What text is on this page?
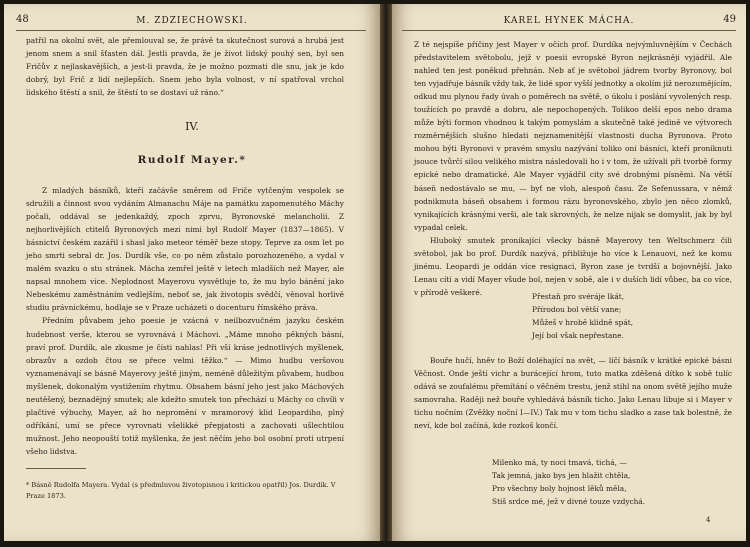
48	M. ZDZIECHOWSKI.

patřil na okolní svět, ale přemlouval se, že právě ta skutečnost surová a hrubá jest jenom snem a snil šťasten dál. Jestli pravda, že je život lidský pouhý sen, byl sen Fričův z nejlaskavějších, a jest-li pravda, že je možno pozmati dle snu, jak je kdo dobrý, byl Frič z lidí nejlepších. Snem jeho byla volnost, v ní spatřoval vrchol lidského štěstí a snil, že štěstí to se dostaví už ráno.“

IV.
Rudolf Mayer.*

Z mladých básníků, kteří začávše směrem od Friče vytčeným vespolek se sdružili a činnost svou vydáním Almanachu Máje na památku zapomenutého Máchy počali, oddával se jedenkaždý, zpoch zprvu, Byronovské melancholii. Z nejhorlivějších ctitelů Byronových mezi nimi byl Rudolf Mayer (1837—1865). V básnictví českém zazářil i shasl jako meteor téměř beze stopy. Teprve za osm let po jeho smrti sebral dr. Jos. Durdík vše, co po něm zůstalo porozhozeného, a vydal v malém svazku o stu stránek. Mácha zemřel ještě v letech mladších než Mayer, ale napsal mnohem více. Neplodnost Mayerovu vysvětluje to, že mu bylo bánění jako Nebeskému zaměstnáním vedlejším, neboť se, jak životopis svědčí, věnoval horlivě studiu právnickému, hodlaje se v Praze ucházeti o docenturu římského práva.

Předním půvabem jeho poesie je vzácná v neilbozvučném jazyku českém hudebnost verše, kterou se vyrovnává i Máchovi. „Máme mnoho pěkných básní, praví prof. Durdík, ale zkusme je čísti nahlas! Při vší kráse jednotlivých myšlenek, obrazův a ozdob čtou se přece velmi těžko.“ — Mimo hudbu veršovou vyznamenávají se básně Mayerovy ještě jiným, neméně důležitým půvabem, hudbou myšlenek, dokonalým vystižením rhytmu. Obsahem básní jeho jest jako Máchových neutěšený, beznadějný smutek; ale kdežto smutek ton přechází u Máchy co chvíli v plačtivé výbuchy, Mayer, až ho nepromění v mramorový klid Leopardiho, plný odříkání, umí se přece vyrovnati všelikké přepjatosti a zachovati ušlechtilou mužnost. Jeho neopouští totiž myšlenka, že jest něčím jeho bol osobní proti utrpení všeho lidstva.

* Básně Rudolfa Mayera. Vydal (s předmluvou životopisnou i kritickou opatřil) Jos. Durdík. V Praze 1873.
49
KAREL HYNEK MÁCHA.

Z té nejspíše příčiny jest Mayer v očích prof. Durdíka nejvýmluvnějším v Čechách představitelem světobolu, jejž v poesii evropské Byron nejkrásněji vyjádřil. Ale nahled ten jest poněkud přehnán. Neb ať je světobol jádrem tvorby Byronovy, bol ten vyjadřuje básník vždy tak, že lidé spor vyšší jednotky a okolím již nerozumějícím, odkud mu plynou řady úvah o poměrech na světě, o úkolu i poslání vyvolených resp. toužících po pravdě a dobru, ale nepochopených. Tolikoo delší epos nebo drama může býti formon vhodnou k takým pomyslám a skutečně také jedině ve výtvorech rozměrnějších slušno hledati nejznamenitější vlastnosti ducha Byronova. Proto mohou býti Byronovi v pravém smyslu nazývání toliko oni básníci, kteří proniknuti jsouce tvůrčí silou velikého mistra následovali ho i v tom, že užívali při tvorbě formy epické nebo dramatické. Ale Mayer vyjádřil city své drobnými písněmi. Na větší báseň nedostávalo se mu, — byť ne vloh, alespoň času. Ze Sefenussara, v němž podnikmuta báseň obsahem i formou rázu byronovského, zbylo jen něco zlomků, vynikajících krásnými verši, ale tak skrovných, že nelze nijak se domyslit, jak by byl vypadal celek.

Hluboký smutek pronikající všecky básně Mayerovy ten Weltschmerz čili světobol, jak bo prof. Durdík nazývá, přibližuje ho více k Lenauovi, než ke komu jinému. Leopardi je oddán více resignaci, Byron zase je tvrdší a bojovnější. Jako Lenau cítí a vidí Mayer všude bol, nejen v sobě, ale i v duších lidí vůbec, ba co více, v přírodě veškeré.	Přestaň pro svéráje lkát,
Přírodou bol větší vane;
Můžeš v hrobě klidně spát,
Její bol však nepřestane.

Bouře hučí, hněv to Boží doléhající na svět, — líčí básník v krátké epické básni Věčnost. Onde ještí vichr a burácející hrom, tuto matka zděšená dítko k sobě tulíc odává se zoufalému přemítání o věčném trestu, jenž stihl na onom světě jejího muže samovraha. Raději než bouře vyhledává básník ticho. Jako Lenau libuje si i Mayer v tichu nočním (Zvěžky noční I—IV.) Tak mu v tom tichu sladko a zase tak bolestně, že neví, kde bol začíná, kde rozkoš končí.

Milenko má, ty noci tmavá, tichá, —
Tak jemná, jako bys jen hlažit chtěla,
Pro všechny boly hojnost lěků měla,
Stiš srdce mé, jež v divné touze vzdychá.
4
